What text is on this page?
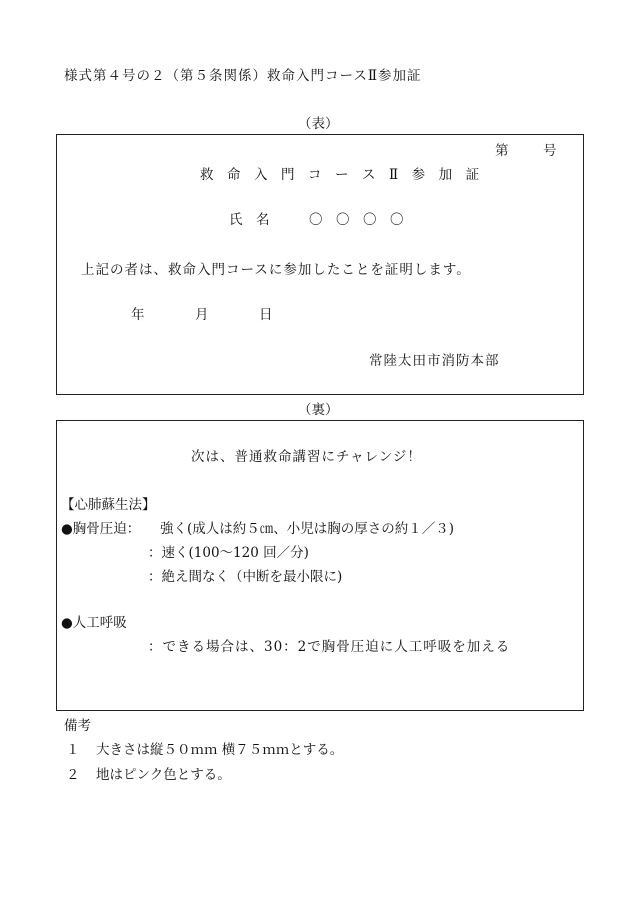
様式第４号の２（第５条関係）救命入門コースⅡ参加証
（表）
第	号
救　命　入　門　コ　ー　ス　Ⅱ　参　加　証
氏　名	〇　〇　〇　〇
上記の者は、救命入門コースに参加したことを証明します。
年	月	日
常陸太田市消防本部
（裏）
次は、普通救命講習にチャレンジ！
【心肺蘇生法】
●胸骨圧迫： 強く(成人は約５㎝、小児は胸の厚さの約１／３)
：速く(100～120 回／分)
：絶え間なく（中断を最小限に)
●人工呼吸
：できる場合は、30：2で胸骨圧迫に人工呼吸を加える
備考
１ 大きさは縦５０ｍｍ 横７５ｍｍとする。
２ 地はピンク色とする。
